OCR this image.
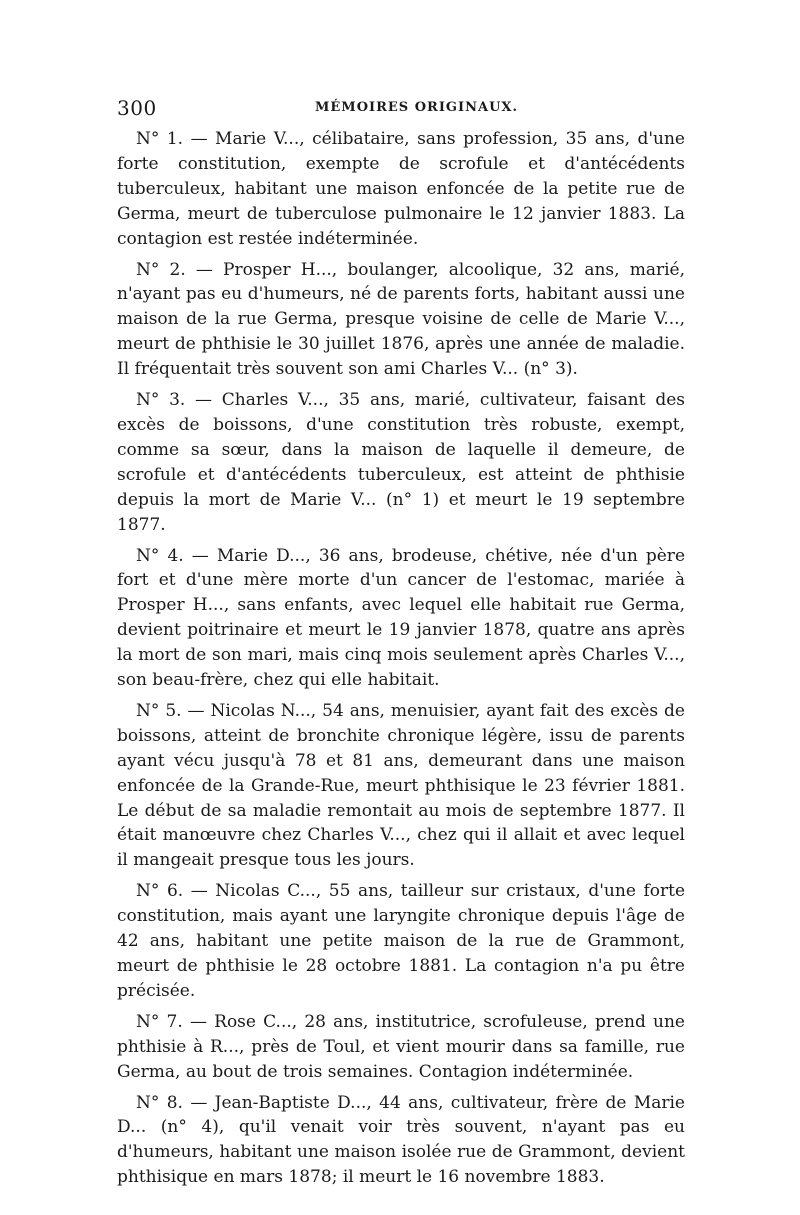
300	MÉMOIRES ORIGINAUX.

N° 1. — Marie V..., célibataire, sans profession, 35 ans, d'une forte constitution, exempte de scrofule et d'antécédents tuberculeux, habitant une maison enfoncée de la petite rue de Germa, meurt de tuberculose pulmonaire le 12 janvier 1883. La contagion est restée indéterminée.

N° 2. — Prosper H..., boulanger, alcoolique, 32 ans, marié, n'ayant pas eu d'humeurs, né de parents forts, habitant aussi une maison de la rue Germa, presque voisine de celle de Marie V..., meurt de phthisie le 30 juillet 1876, après une année de maladie. Il fréquentait très souvent son ami Charles V... (n° 3).

N° 3. — Charles V..., 35 ans, marié, cultivateur, faisant des excès de boissons, d'une constitution très robuste, exempt, comme sa sœur, dans la maison de laquelle il demeure, de scrofule et d'antécédents tuberculeux, est atteint de phthisie depuis la mort de Marie V... (n° 1) et meurt le 19 septembre 1877.

N° 4. — Marie D..., 36 ans, brodeuse, chétive, née d'un père fort et d'une mère morte d'un cancer de l'estomac, mariée à Prosper H..., sans enfants, avec lequel elle habitait rue Germa, devient poitrinaire et meurt le 19 janvier 1878, quatre ans après la mort de son mari, mais cinq mois seulement après Charles V..., son beau-frère, chez qui elle habitait.

N° 5. — Nicolas N..., 54 ans, menuisier, ayant fait des excès de boissons, atteint de bronchite chronique légère, issu de parents ayant vécu jusqu'à 78 et 81 ans, demeurant dans une maison enfoncée de la Grande-Rue, meurt phthisique le 23 février 1881. Le début de sa maladie remontait au mois de septembre 1877. Il était manœuvre chez Charles V..., chez qui il allait et avec lequel il mangeait presque tous les jours.

N° 6. — Nicolas C..., 55 ans, tailleur sur cristaux, d'une forte constitution, mais ayant une laryngite chronique depuis l'âge de 42 ans, habitant une petite maison de la rue de Grammont, meurt de phthisie le 28 octobre 1881. La contagion n'a pu être précisée.

N° 7. — Rose C..., 28 ans, institutrice, scrofuleuse, prend une phthisie à R..., près de Toul, et vient mourir dans sa famille, rue Germa, au bout de trois semaines. Contagion indéterminée.

N° 8. — Jean-Baptiste D..., 44 ans, cultivateur, frère de Marie D... (n° 4), qu'il venait voir très souvent, n'ayant pas eu d'humeurs, habitant une maison isolée rue de Grammont, devient phthisique en mars 1878; il meurt le 16 novembre 1883.
